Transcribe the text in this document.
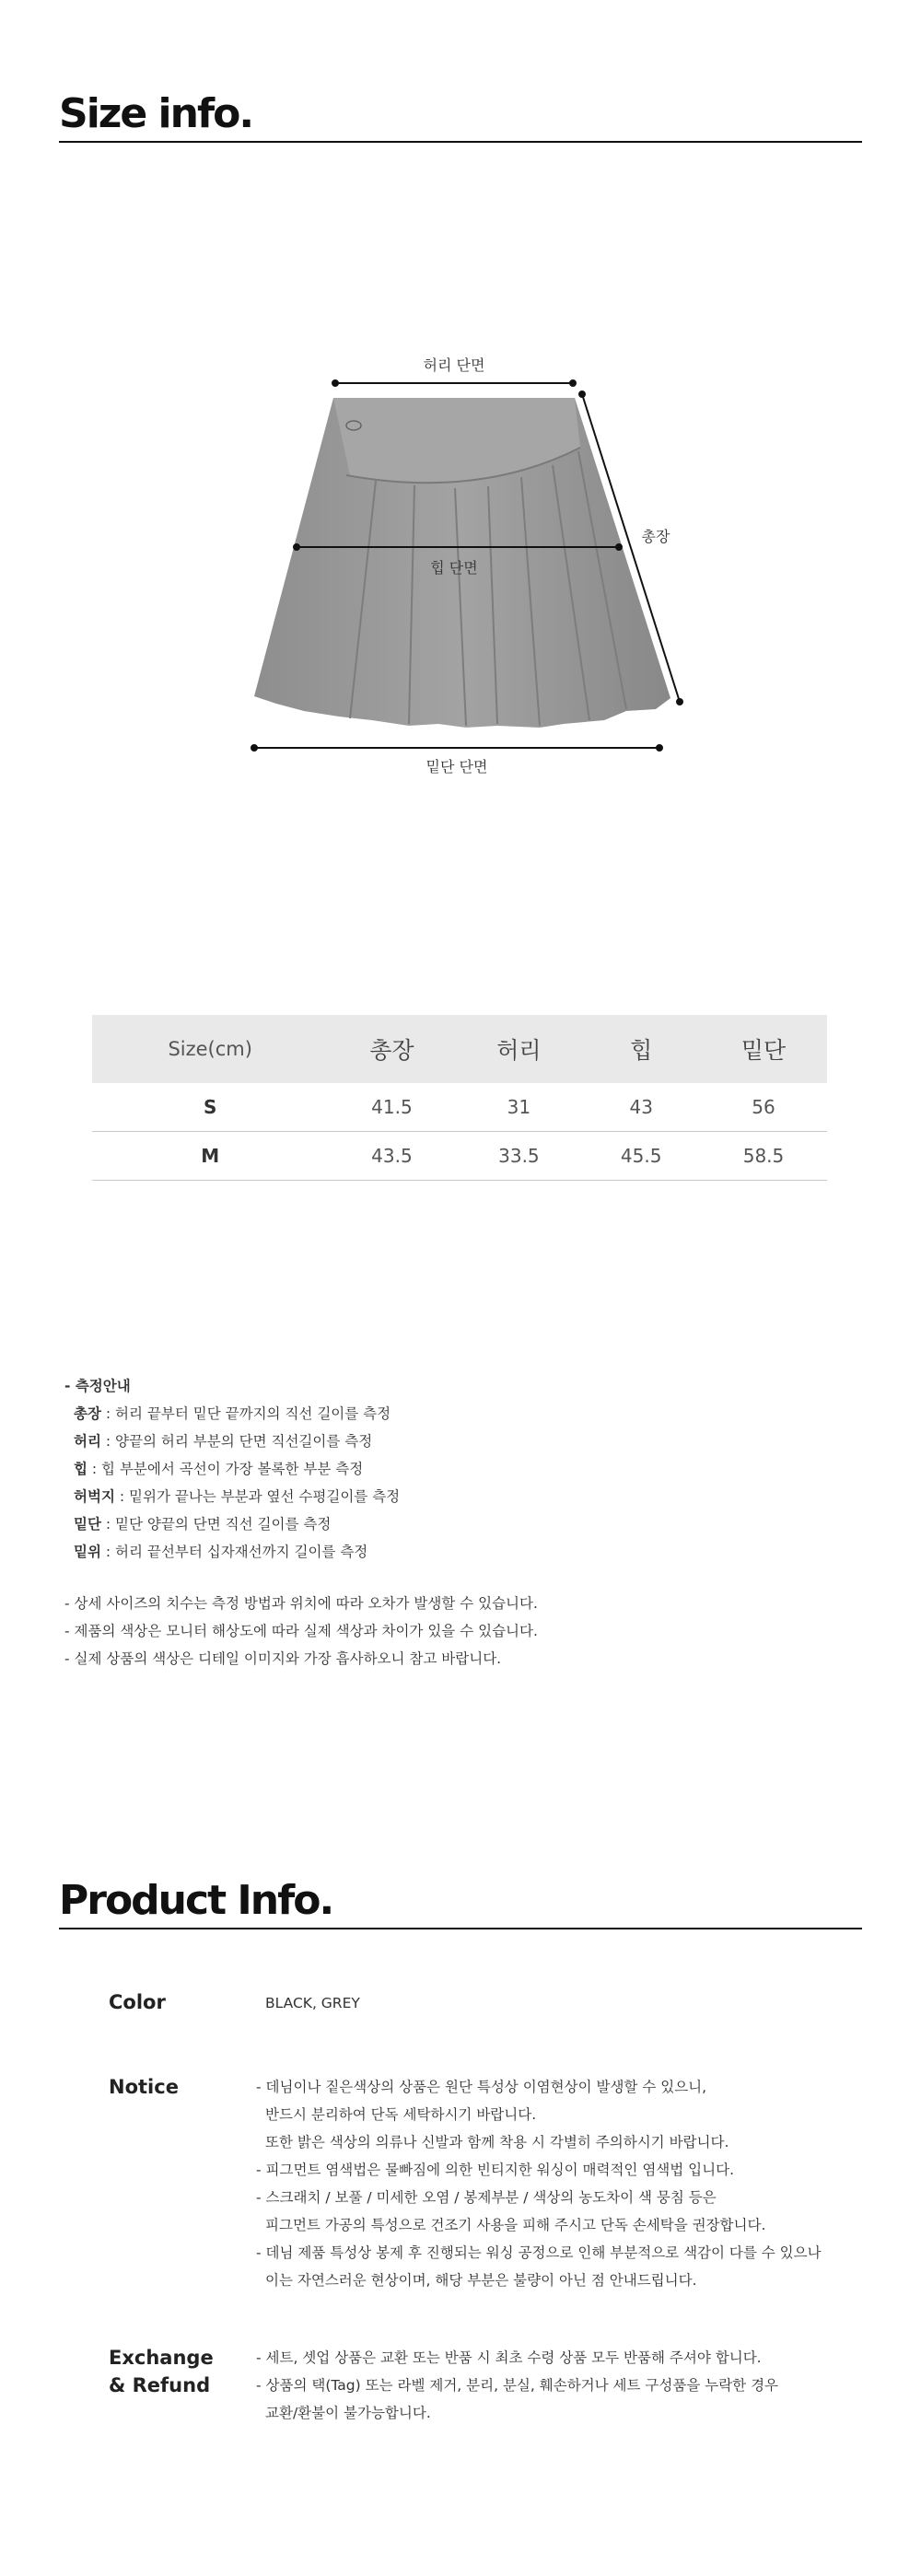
Size info.
허리 단면
총장
힙 단면
밑단 단면
Size(cm)	총장	허리	힙	밑단
S	41.5	31	43	56
M	43.5	33.5	45.5	58.5
- 측정안내
총장 : 허리 끝부터 밑단 끝까지의 직선 길이를 측정
허리 : 양끝의 허리 부분의 단면 직선길이를 측정
힙 : 힙 부분에서 곡선이 가장 볼록한 부분 측정
허벅지 : 밑위가 끝나는 부분과 옆선 수평길이를 측정
밑단 : 밑단 양끝의 단면 직선 길이를 측정
밑위 : 허리 끝선부터 십자재선까지 길이를 측정
- 상세 사이즈의 치수는 측정 방법과 위치에 따라 오차가 발생할 수 있습니다.
- 제품의 색상은 모니터 해상도에 따라 실제 색상과 차이가 있을 수 있습니다.
- 실제 상품의 색상은 디테일 이미지와 가장 흡사하오니 참고 바랍니다.
Product Info.
Color	BLACK, GREY
Notice	- 데님이나 짙은색상의 상품은 원단 특성상 이염현상이 발생할 수 있으니,
반드시 분리하여 단독 세탁하시기 바랍니다.
또한 밝은 색상의 의류나 신발과 함께 착용 시 각별히 주의하시기 바랍니다.
- 피그먼트 염색법은 물빠짐에 의한 빈티지한 워싱이 매력적인 염색법 입니다.
- 스크래치 / 보풀 / 미세한 오염 / 봉제부분 / 색상의 농도차이 색 뭉침 등은
피그먼트 가공의 특성으로 건조기 사용을 피해 주시고 단독 손세탁을 권장합니다.
- 데님 제품 특성상 봉제 후 진행되는 워싱 공정으로 인해 부분적으로 색감이 다를 수 있으나
이는 자연스러운 현상이며, 해당 부분은 불량이 아닌 점 안내드립니다.
Exchange
& Refund
- 세트, 셋업 상품은 교환 또는 반품 시 최초 수령 상품 모두 반품해 주셔야 합니다.
- 상품의 택(Tag) 또는 라벨 제거, 분리, 분실, 훼손하거나 세트 구성품을 누락한 경우
교환/환불이 불가능합니다.
